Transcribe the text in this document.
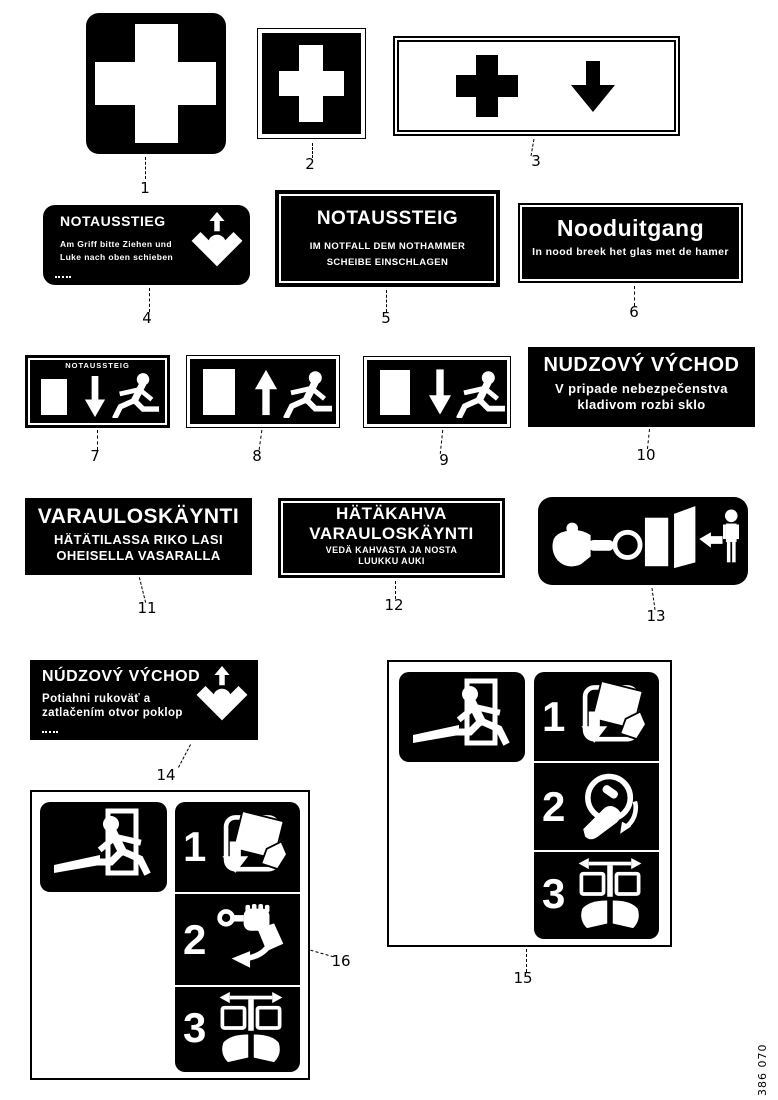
NOTAUSSTIEG
Am Griff bitte Ziehen und
Luke nach oben schieben
NOTAUSSTEIG
IM NOTFALL DEM NOTHAMMER
SCHEIBE EINSCHLAGEN
Nooduitgang
In nood breek het glas met de hamer
NOTAUSSTEIG	NUDZOVÝ VÝCHOD
V pripade nebezpečenstva
kladivom rozbi sklo
VARAULOSKÄYNTI
HÄTÄTILASSA RIKO LASI
OHEISELLA VASARALLA
HÄTÄKAHVA
VARAULOSKÄYNTI
VEDÄ KAHVASTA JA NOSTA
LUUKKU AUKI
NÚDZOVÝ VÝCHOD
Potiahni rukoväť a
zatlačením otvor poklop	1
2
3
1
2
3
1
2	3
4	5	6
7	8	9	10
11	12
13
14
15
16
386 070
